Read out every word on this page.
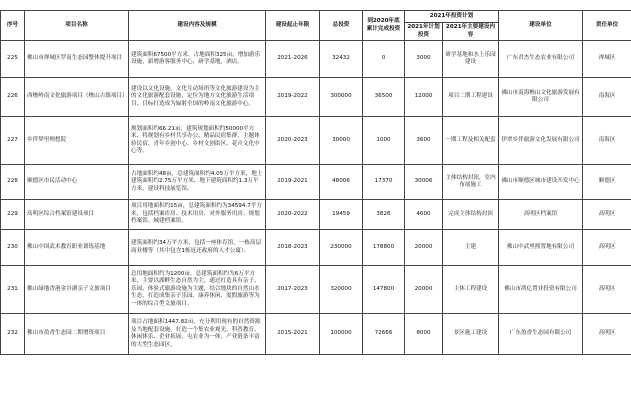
序号	项目名称	建设内容及规模	建设起止年限	总投资	到2020年底累计完成投资	2021年投资计划		建设单位	责任单位
						2021年计划投资	2021年主要建设内容		
225	佛山市禅城区罗南生态园整体提升项目	建筑面积67500平方米，占地面积325亩，增加游乐设施，新增游客服务中心，研学基地，酒店。	2021-2026	32432	0	3000	研学基地和水上乐园建设	广东君杰生态农业有限公司	禅城区
226	西樵岭南文化旅游项目（樵山古镇项目）	建设以文化设施、文化互动场所等文化旅游建设为主的文化旅游配套设施，定位为地方文化旅游生活项目，目标打造成为辐射全国的岭南文化旅游中心。	2019-2022	300000	36500	12000	项目二期工程建设	佛山市南海樵山文化旅游发展有限公司	南海区
227	乡伴梦里理想院	规划面积约66.21亩，建筑规划面积约50000平方米，将规划有乡村共享办公、精品民宿集群、主题体验民宿、青年乡创中心、乡村文创街区、花卉文化中心等。	2020-2023	30000	1000	3600	一期工程及相关配套	伊翠乡伴旅游文化发展有限公司	南海区
228	顺德区市民活动中心	占地面积约48亩，总建筑面积约4.05万平方米，地上建筑面积约2.75万平方米，地下建筑面积约1.3万平方米，建设科技展览馆。	2019-2021	48006	17370	30006	主体结构封顶，室内布展施工	佛山市顺德区城市建设开发中心	顺德区
229	高明区综合档案馆建设项目	项目用地面积约15亩，总建筑面积约为34594.7平方米，包括档案库房、技术用房、对外服务用房、规划档案馆、城建档案馆。	2020-2022	19459	3826	4600	完成主体结构封顶	高明区档案馆	高明区
230	佛山中国武术教育职业训练基地	建筑面积约34万平方米，包括一座体育馆，一栋高层商业楼等（其中包含1栋返还政府的人才公寓）。	2018-2023	230000	178800	20000	主建	佛山中武里熙置地有限公司	高明区
231	佛山绿地香港金谷湖亲子文旅项目	总用地面积约为1200亩，总建筑面积约为6万平方米，主要以湖畔生态自然为主，通过打造具有亲子、乐园、体验式旅游设施为主题，结合地块的自然山水生态，打造成集亲子乐园、康养休闲、度假旅游等为一体的综合型文旅项目。	2017-2023	320000	147800	20000	主体工程建设	佛山市鸿亿置业投资有限公司	高明区
232	佛山市盈香生态园二期增资项目	项目占地面积1447.82亩，充分利用现有的自然资源及当地配套设施，打造一个集农业观光、科普教育、休闲体乐、企业拓展、屯农业为一体、产业链条丰富的大型生态园区。	2015-2021	100000	72666	8000	景区施工建设	广东盈香生态园有限公司	高明区
